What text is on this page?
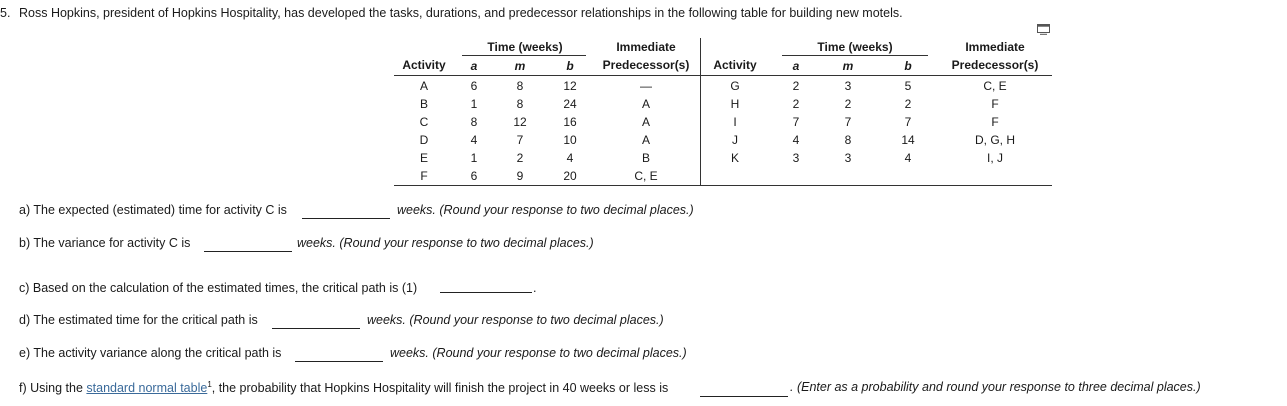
5. Ross Hopkins, president of Hopkins Hospitality, has developed the tasks, durations, and predecessor relationships in the following table for building new motels.
Time (weeks)	Immediate	Time (weeks)	Immediate
Activity	a	m	b	Predecessor(s)	Activity	a	m	b	Predecessor(s)
A	6	8	12	—
B	1	8	24	A
C	8	12	16	A
D	4	7	10	A
E	1	2	4	B
F	6	9	20	C, E
G	2	3	5	C, E
H	2	2	2	F
I	7	7	7	F
J	4	8	14	D, G, H
K	3	3	4	I, J
a) The expected (estimated) time for activity C is	weeks. (Round your response to two decimal places.)
b) The variance for activity C is	weeks. (Round your response to two decimal places.)
c) Based on the calculation of the estimated times, the critical path is (1)	.
d) The estimated time for the critical path is	weeks. (Round your response to two decimal places.)
e) The activity variance along the critical path is	weeks. (Round your response to two decimal places.)
f) Using the standard normal table$^1$, the probability that Hopkins Hospitality will finish the project in 40 weeks or less is	. (Enter as a probability and round your response to three decimal places.)
